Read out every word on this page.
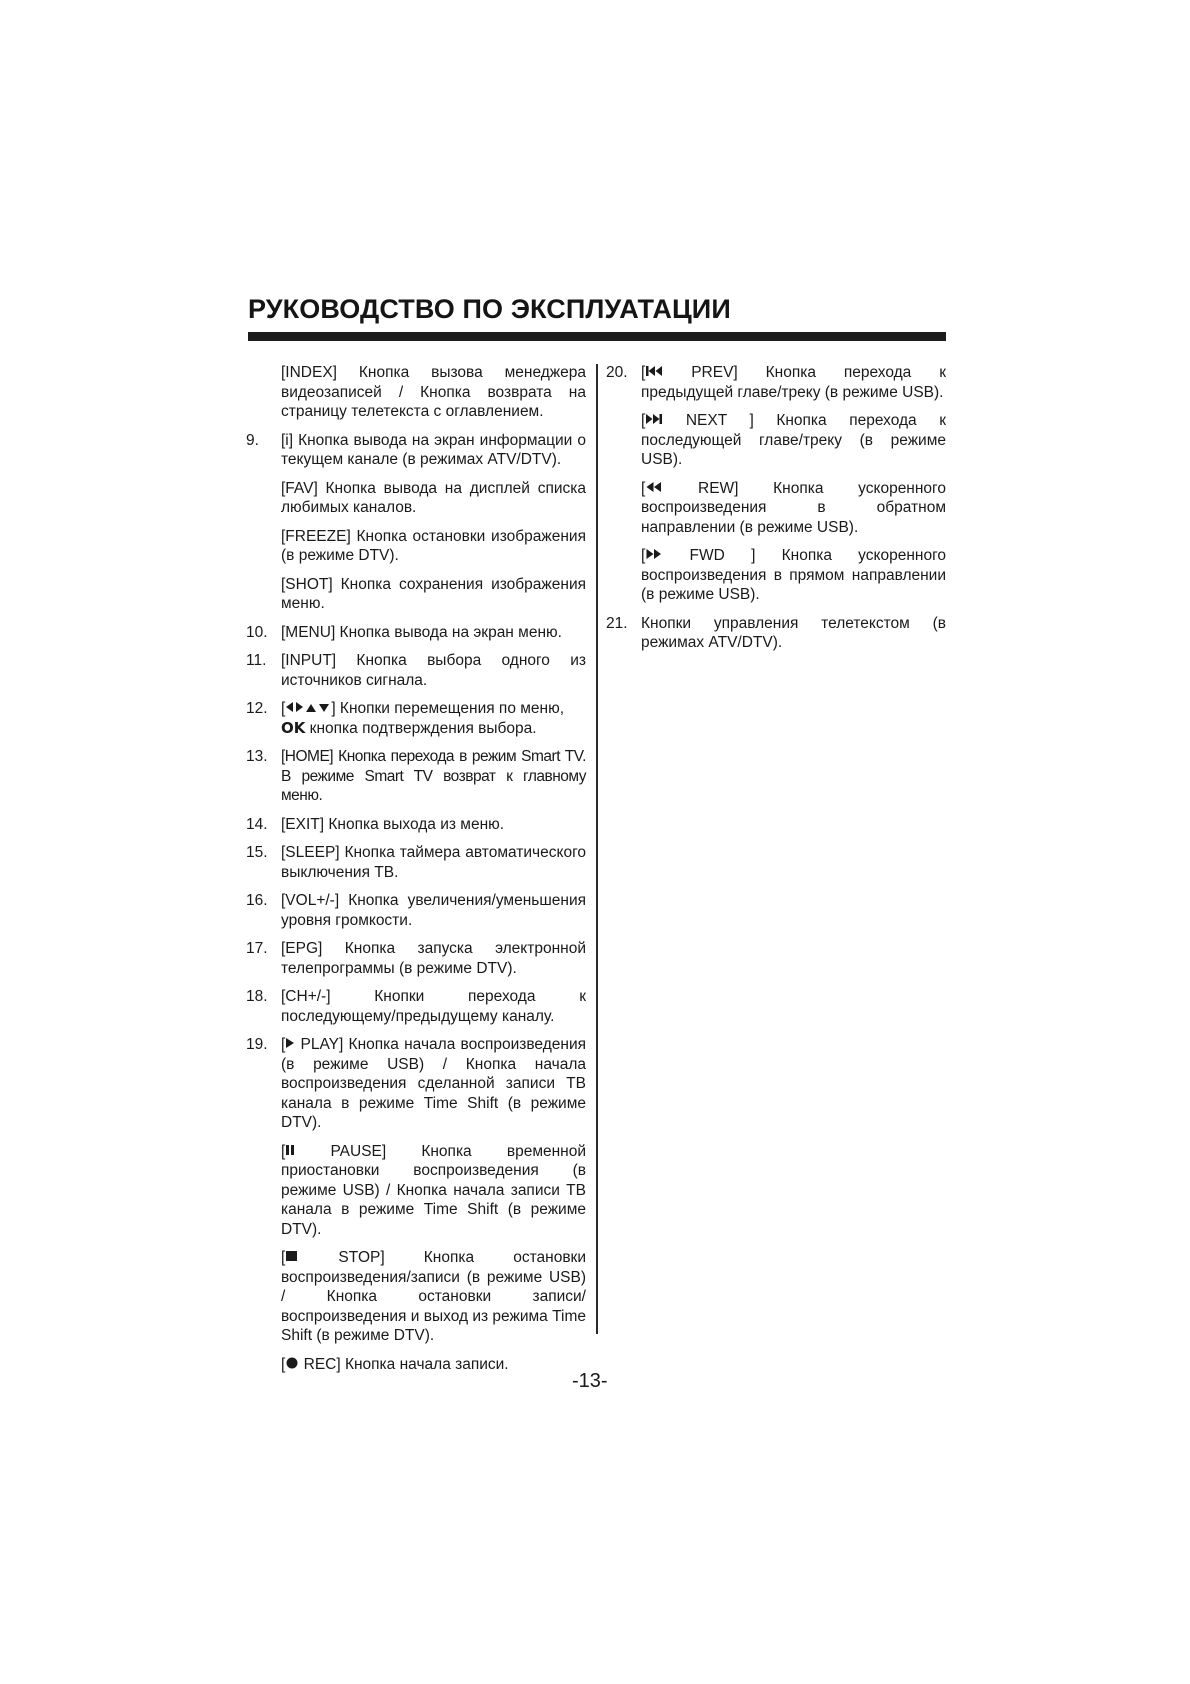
РУКОВОДСТВО ПО ЭКСПЛУАТАЦИИ
[INDEX] Кнопка вызова менеджера видеозаписей / Кнопка возврата на страницу телетекста с оглавлением.
9. [i] Кнопка вывода на экран информации о текущем канале (в режимах ATV/DTV).
[FAV] Кнопка вывода на дисплей списка любимых каналов.
[FREEZE] Кнопка остановки изображения (в режиме DTV).
[SHOT] Кнопка сохранения изображения меню.
10. [MENU] Кнопка вывода на экран меню.
11. [INPUT] Кнопка выбора одного из источников сигнала.
12. [	] Кнопки перемещения по меню,
OK кнопка подтверждения выбора.
13. [HOME] Кнопка перехода в режим Smart TV. В режиме Smart TV возврат к главному меню.
14. [EXIT] Кнопка выхода из меню.
15. [SLEEP] Кнопка таймера автоматического выключения ТВ.
16. [VOL+/-] Кнопка увеличения/уменьшения уровня громкости.
17. [EPG] Кнопка запуска электронной телепрограммы (в режиме DTV).
18. [CH+/-] Кнопки перехода к последующему/предыдущему каналу.
19. [ PLAY] Кнопка начала воспроизведения (в режиме USB) / Кнопка начала воспроизведения сделанной записи ТВ канала в режиме Time Shift (в режиме DTV).
[ PAUSE] Кнопка временной приостановки воспроизведения (в режиме USB) / Кнопка начала записи ТВ канала в режиме Time Shift (в режиме DTV).
[ STOP] Кнопка остановки воспроизведения/записи (в режиме USB) / Кнопка остановки записи/воспроизведения и выход из режима Time Shift (в режиме DTV).
[ REC] Кнопка начала записи.
20. [ PREV] Кнопка перехода к предыдущей главе/треку (в режиме USB).
[ NEXT ] Кнопка перехода к последующей главе/треку (в режиме USB).
[ REW] Кнопка ускоренного воспроизведения в обратном направлении (в режиме USB).
[ FWD ] Кнопка ускоренного воспроизведения в прямом направлении (в режиме USB).
21. Кнопки управления телетекстом (в режимах ATV/DTV).
-13-
